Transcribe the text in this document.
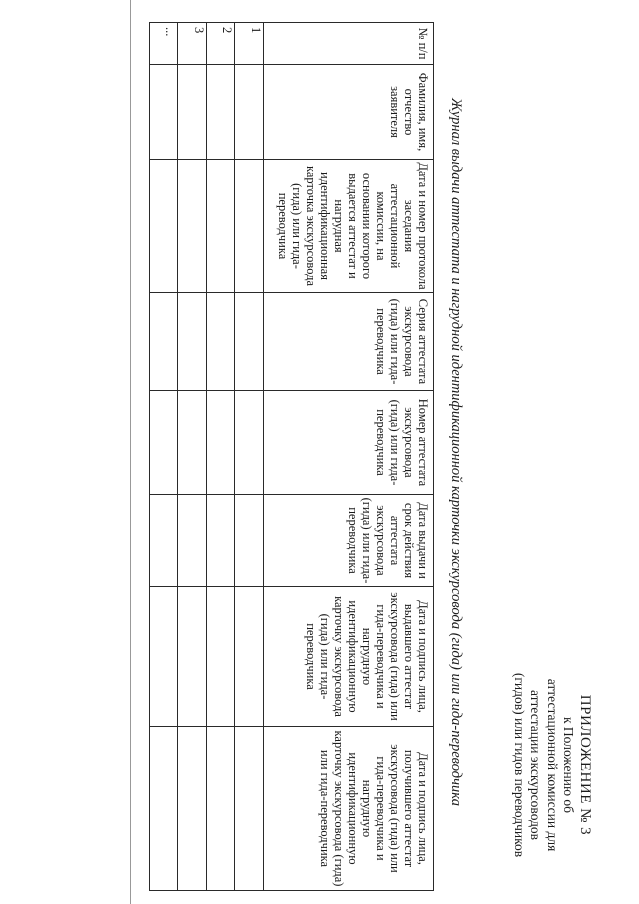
ПРИЛОЖЕНИЕ № 3
к Положению об
аттестационной комиссии для
аттестации экскурсоводов
(гидов) или гидов переводчиков
Журнал выдачи аттестата и нагрудной идентификационной карточки экскурсовода (гида) или гида-переводчика
№ п/п	Фамилия, имя, отчество заявителя	Дата и номер протокола заседания аттестационной комиссии, на основании которого выдается аттестат и нагрудная идентификационная карточка экскурсовода (гида) или гида-переводчика	Серия аттестата экскурсовода (гида) или гида-переводчика	Номер аттестата экскурсовода (гида) или гида-переводчика	Дата выдачи и срок действия аттестата экскурсовода (гида) или гида-переводчика	Дата и подпись лица, выдавшего аттестат экскурсовода (гида) или гида-переводчика и нагрудную идентификационную карточку экскурсовода (гида) или гида-переводчика	Дата и подпись лица, получившего аттестат экскурсовода (гида) или гида-переводчика и нагрудную идентификационную карточку экскурсовода (гида) или гида-переводчика
1							
2							
3							
...							
